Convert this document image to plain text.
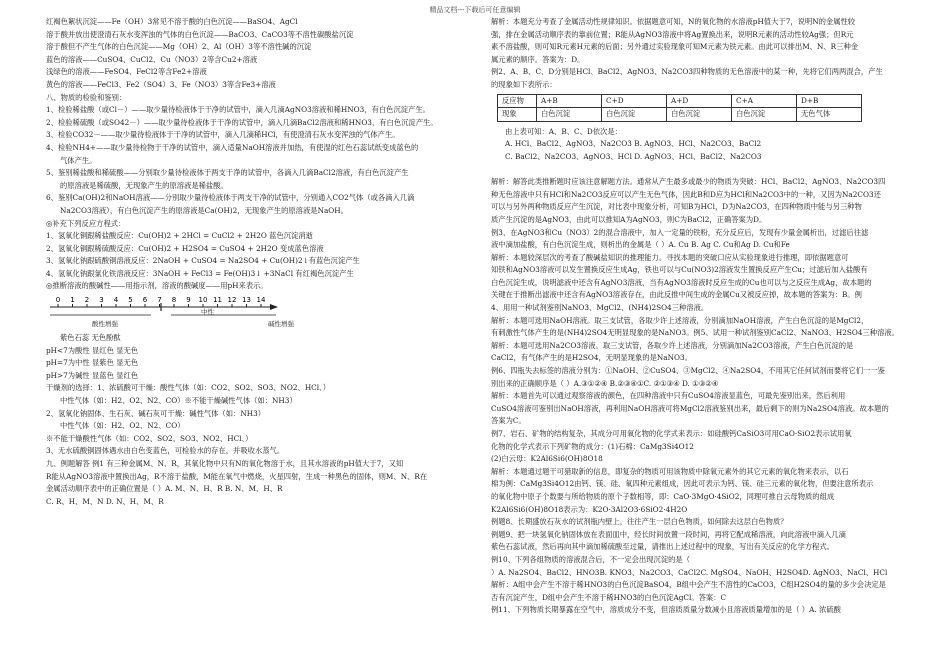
精品文档---下载后可任意编辑
红褐色絮状沉淀——Fe（OH）3常见不溶于酸的白色沉淀——BaSO4、AgCl
溶于酸并放出使澄清石灰水变浑浊的气体的白色沉淀——BaCO3、CaCO3等不溶性碳酸盐沉淀
溶于酸但不产生气体的白色沉淀——Mg（OH）2、Al（OH）3等不溶性碱的沉淀
蓝色的溶液——CuSO4、CuCl2、Cu（NO3）2等含Cu2+溶液
浅绿色的溶液——FeSO4、FeCl2等含Fe2+溶液
黄色的溶液——FeCl3、Fe2（SO4）3、Fe（NO3）3等含Fe3+溶液
八、物质的检验和鉴别：
1、检验稀盐酸（或Cl－）——取少量待检液体于干净的试管中，滴入几滴AgNO3溶液和稀HNO3，有白色沉淀产生。
2、检验稀硫酸（或SO42－）——取少量待检液体于干净的试管中，滴入几滴BaCl2溶液和稀HNO3，有白色沉淀产生。
3、检验CO32－——取少量待检液体于干净的试管中，滴入几滴稀HCl，有使澄清石灰水变浑浊的气体产生。
4、检验NH4+——取少量待检物于干净的试管中，滴入适量NaOH溶液并加热，有使湿的红色石蕊试纸变成蓝色的
气体产生。
5、鉴别稀盐酸和稀硫酸——分别取少量待检液体于两支干净的试管中，各滴入几滴BaCl2溶液，有白色沉淀产生
的原溶液是稀硫酸，无现象产生的原溶液是稀盐酸。
6、鉴别Ca(OH)2和NaOH溶液——分别取少量待检液体于两支干净的试管中，分别通入CO2气体（或各滴入几滴
Na2CO3溶液），有白色沉淀产生的原溶液是Ca(OH)2，无现象产生的原溶液是NaOH。
◎补充下列反应方程式：
1、氢氧化铜跟稀盐酸反应：Cu(OH)2 + 2HCl = CuCl2 + 2H2O 蓝色沉淀消逝
2、氢氧化铜跟稀硫酸反应：Cu(OH)2 + H2SO4 = CuSO4 + 2H2O 变成蓝色溶液
3、氢氧化钠跟硫酸铜溶液反应：2NaOH + CuSO4 = Na2SO4 + Cu(OH)2↓有蓝色沉淀产生
4、氢氧化钠跟氯化铁溶液反应：3NaOH + FeCl3 = Fe(OH)3↓ +3NaCl 有红褐色沉淀产生
◎推断溶液的酸碱性——用指示剂，溶液的酸碱度——用pH来表示。
0 1 2 3 4 5 6 7 8 9 10 11 12 13 14
酸性增强
中性
碱性增强
紫色石蕊 无色酚酞
pH<7为酸性 显红色 显无色
pH=7为中性 显紫色 显无色
pH>7为碱性 显蓝色 显红色
干燥剂的选择：1、浓硫酸可干燥：酸性气体（如：CO2、SO2、SO3、NO2、HCl、）
中性气体（如：H2、O2、N2、CO）※不能干燥碱性气体（如：NH3）
2、氢氧化钠固体、生石灰、碱石灰可干燥：碱性气体（如：NH3）
中性气体（如：H2、O2、N2、CO）
※不能干燥酸性气体（如：CO2、SO2、SO3、NO2、HCl、）
3、无水硫酸铜固体遇水由白色变蓝色，可检验水的存在，并吸收水蒸气。
九、例题解答 例1 有三种金属M、N、R，其氧化物中只有N的氧化物溶于水，且其水溶液的pH值大于7，又知
R能从AgNO3溶液中置换出Ag，R不溶于盐酸，M能在氧气中燃烧，火星四射，生成一种黑色的固体，则M、N、R在
金属活动顺序表中的正确位置是（ ）A. M、N、H、R B. N、M、H、R
C. R、H、M、N D. N、H、M、R
解析：本题充分考查了金属活动性规律知识。依据题意可知，N的氧化物的水溶液pH值大于7，说明N的金属性较
强，排在金属活动顺序表的靠前位置；R能从AgNO3溶液中将Ag置换出来，说明R元素的活动性较Ag强；但R元
素不溶盐酸，则可知R元素H元素的后面；另外通过实验现象可知M元素为铁元素。由此可以排出M、N、R三种金
属元素的顺序。答案为：D。
例2、A、B、C、D分别是HCl、BaCl2、AgNO3、Na2CO3四种物质的无色溶液中的某一种，先将它们两两混合，产生
的现象如下表所示：
反应物	A+B	C+D	A+D	C+A	D+B
现象	白色沉淀	白色沉淀	白色沉淀	白色沉淀	无色气体
由上表可知：A、B、C、D依次是：
A. HCl、BaCl2、AgNO3、Na2CO3 B. AgNO3、HCl、Na2CO3、BaCl2
C. BaCl2、Na2CO3、AgNO3、HCl D. AgNO3、HCl、BaCl2、Na2CO3
解析：解答此类推断题时应该注意解题方法。通常从产生最多或最少的物质为突破：HCl、BaCl2、AgNO3、Na2CO3四
种无色溶液中只有HCl和Na2CO3反应可以产生无色气体，因此B和D应为HCl和Na2CO3中的一种，又因为Na2CO3还
可以与另外两种物质反应产生沉淀，对比表中现象分析，可知B为HCl，D为Na2CO3，在四种物质中能与另三种物
质产生沉淀的是AgNO3，由此可以推知A为AgNO3，则C为BaCl2，正确答案为D。
例3、在AgNO3和Cu（NO3）2的混合溶液中，加入一定量的铁粉，充分反应后，发现有少量金属析出，过滤后往滤
液中滴加盐酸，有白色沉淀生成，则析出的金属是（ ）A. Cu B. Ag C. Cu和Ag D. Cu和Fe
解析：本题较深层次的考查了酸碱盐知识的推理能力。寻找本题的突破口应从实验现象进行推理，即依据题意可
知铁和AgNO3溶液可以发生置换反应生成Ag，铁也可以与Cu(NO3)2溶液发生置换反应产生Cu；过滤后加入盐酸有
白色沉淀生成，说明滤液中还含有AgNO3溶液，当有AgNO3溶液时反应生成的Cu也可以与之反应生成Ag，故本题的
关键在于推断出滤液中还含有AgNO3溶液存在，由此反推中间生成的金属Cu又被反应掉，故本题的答案为：B。例
4、用用一种试剂鉴别NaNO3、MgCl2、(NH4)2SO4三种溶液。
解析：本题可选用NaOH溶液。取三支试管，各取少许上述溶液，分别滴加NaOH溶液，产生白色沉淀的是MgCl2，
有刺激性气体产生的是(NH4)2SO4无明显现象的是NaNO3。例5、试用一种试剂鉴别CaCl2、NaNO3、H2SO4三种溶液。
解析：本题可选用Na2CO3溶液。取三支试管，各取少许上述溶液，分别滴加Na2CO3溶液，产生白色沉淀的是
CaCl2，有气体产生的是H2SO4，无明显现象的是NaNO3。
例6、四瓶失去标签的溶液分别为：①NaOH、②CuSO4、③MgCl2、④Na2SO4，不用其它任何试剂而要将它们一一鉴
别出来的正确顺序是（ ）A.③①②④ B.②③④①C. ②①③④ D. ①③②④
解析：本题首先可以通过观察溶液的颜色，在四种溶液中只有CuSO4溶液显蓝色，可最先鉴别出来，然后利用
CuSO4溶液可鉴别出NaOH溶液，再利用NaOH溶液可将MgCl2溶液鉴别出来，最后剩下的则为Na2SO4溶液。故本题的
答案为C。
例7、岩石、矿物的结构复杂，其成分可用氧化物的化学式来表示：如硅酸钙CaSiO3可用CaO·SiO2表示试用氧
化物的化学式表示下列矿物的成分：(1)石棉：CaMg3Si4O12
(2)白云母：K2Al6Si6(OH)8O18
解析：本题通过题干可猎取新的信息，即复杂的物质可用该物质中除氧元素外的其它元素的氧化物来表示，以石
棉为例：CaMg3Si4O12由钙、镁、硅、氧四种元素组成，因此可表示为钙、镁、硅三元素的氧化物，但要注意所表示
的氧化物中原子个数要与所给物质的原个子数相等，即：CaO·3MgO·4SiO2，同理可推白云母物质的组成
K2Al6Si6(OH)8O18表示为：K2O·3Al2O3·6SiO2·4H2O
例题8、长期盛放石灰水的试剂瓶内壁上，往往产生一层白色物质，如何除去这层白色物质？
例题9、把一块氢氧化钠固体放在表面皿中，经长时间放置一段时间，再将它配成稀溶液，向此溶液中滴入几滴
紫色石蕊试液，然后再向其中滴加稀硫酸至过量，请推出上述过程中的现象，写出有关反应的化学方程式。
例10、下列各组物质的溶液混合后，不一定会出现沉淀的是（
）A. Na2SO4、BaCl2、HNO3B. KNO3、Na2CO3、CaCl2C. MgSO4、NaOH、H2SO4D. AgNO3、NaCl、HCl
解析：A组中会产生不溶于稀HNO3的白色沉淀BaSO4，B组中会产生不溶性的CaCO3，C组H2SO4的量的多少会决定是
否有沉淀产生，D组中会产生不溶于稀HNO3的白色沉淀AgCl。答案：C
例11、下列物质长期暴露在空气中，溶质成分不变，但溶质质量分数减小且溶液质量增加的是（ ）A. 浓硫酸
